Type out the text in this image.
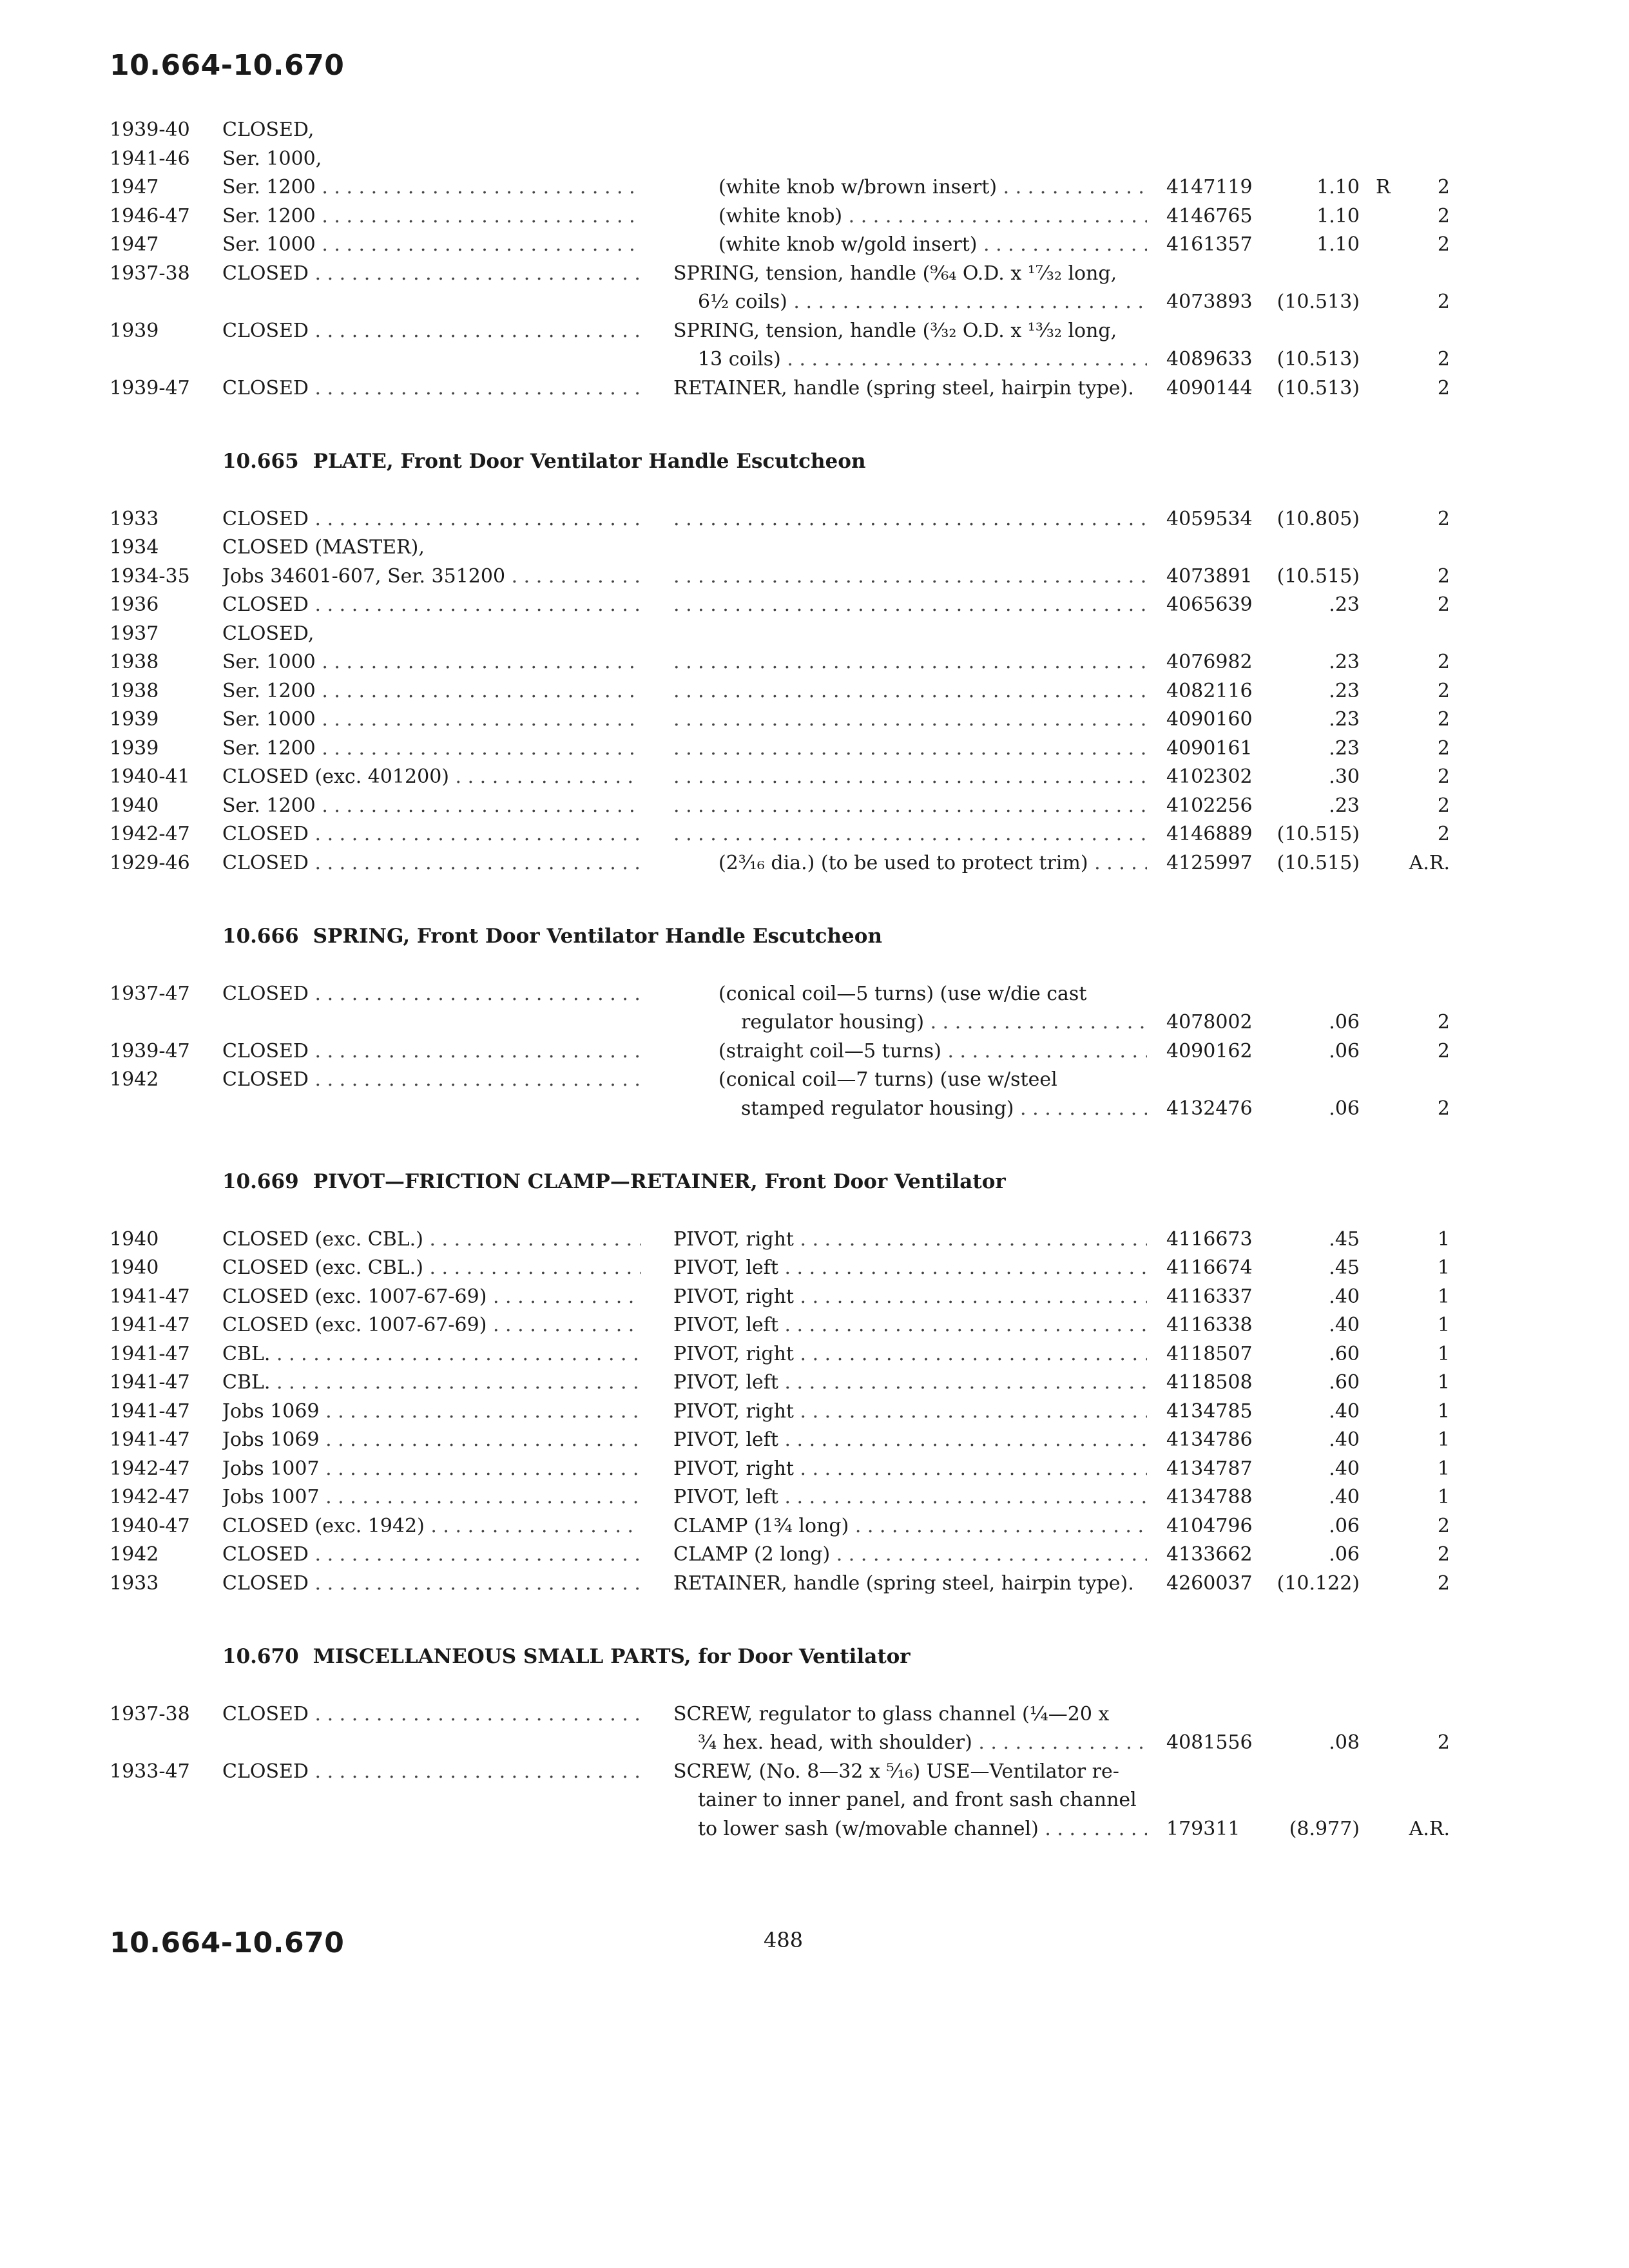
10.664-10.670
1939-40	CLOSED,
1941-46	Ser. 1000,
1947	Ser. 1200 . . .	(white knob w/brown insert) . . .	4147119	1.10 R	2
1946-47	Ser. 1200 . . .	(white knob) . . .	4146765	1.10	2
1947	Ser. 1000 . . .	(white knob w/gold insert) . . .	4161357	1.10	2
1937-38	CLOSED . . .	SPRING, tension, handle (⁹⁄₆₄ O.D. x ¹⁷⁄₃₂ long,
6½ coils) . . .	4073893	(10.513)	2
1939	CLOSED . . .	SPRING, tension, handle (³⁄₃₂ O.D. x ¹³⁄₃₂ long,
13 coils) . . .	4089633	(10.513)	2
1939-47	CLOSED . . .	RETAINER, handle (spring steel, hairpin type).	4090144	(10.513)	2
10.665 PLATE, Front Door Ventilator Handle Escutcheon
1933	CLOSED . . . . . .	4059534	(10.805)	2
1934	CLOSED (MASTER),
1934-35	Jobs 34601-607, Ser. 351200 . . . . . .	4073891	(10.515)	2
1936	CLOSED . . . . . .	4065639	.23	2
1937	CLOSED,
1938	Ser. 1000 . . . . . .	4076982	.23	2
1938	Ser. 1200 . . . . . .	4082116	.23	2
1939	Ser. 1000 . . . . . .	4090160	.23	2
1939	Ser. 1200 . . . . . .	4090161	.23	2
1940-41	CLOSED (exc. 401200) . . . . . .	4102302	.30	2
1940	Ser. 1200 . . . . . .	4102256	.23	2
1942-47	CLOSED . . . . . .	4146889	(10.515)	2
1929-46	CLOSED . . .	(2³⁄₁₆ dia.) (to be used to protect trim) . . .	4125997	(10.515)	A.R.
10.666 SPRING, Front Door Ventilator Handle Escutcheon
1937-47	CLOSED . . .	(conical coil—5 turns) (use w/die cast
regulator housing) . . .	4078002	.06	2
1939-47	CLOSED . . .	(straight coil—5 turns) . . .	4090162	.06	2
1942	CLOSED . . .	(conical coil—7 turns) (use w/steel
stamped regulator housing) . . .	4132476	.06	2
10.669 PIVOT—FRICTION CLAMP—RETAINER, Front Door Ventilator
1940	CLOSED (exc. CBL.) . . .	PIVOT, right . . .	4116673	.45	1
1940	CLOSED (exc. CBL.) . . .	PIVOT, left . . .	4116674	.45	1
1941-47	CLOSED (exc. 1007-67-69) . . .	PIVOT, right . . .	4116337	.40	1
1941-47	CLOSED (exc. 1007-67-69) . . .	PIVOT, left . . .	4116338	.40	1
1941-47	CBL. . . .	PIVOT, right . . .	4118507	.60	1
1941-47	CBL. . . .	PIVOT, left . . .	4118508	.60	1
1941-47	Jobs 1069 . . .	PIVOT, right . . .	4134785	.40	1
1941-47	Jobs 1069 . . .	PIVOT, left . . .	4134786	.40	1
1942-47	Jobs 1007 . . .	PIVOT, right . . .	4134787	.40	1
1942-47	Jobs 1007 . . .	PIVOT, left . . .	4134788	.40	1
1940-47	CLOSED (exc. 1942) . . .	CLAMP (1¾ long) . . .	4104796	.06	2
1942	CLOSED . . .	CLAMP (2 long) . . .	4133662	.06	2
1933	CLOSED . . .	RETAINER, handle (spring steel, hairpin type).	4260037	(10.122)	2
10.670 MISCELLANEOUS SMALL PARTS, for Door Ventilator
1937-38	CLOSED . . .	SCREW, regulator to glass channel (¼—20 x
¾ hex. head, with shoulder) . . .	4081556	.08	2
1933-47	CLOSED . . .	SCREW, (No. 8—32 x ⁵⁄₁₆) USE—Ventilator re-
tainer to inner panel, and front sash channel
to lower sash (w/movable channel) . . .	179311	(8.977)	A.R.
10.664-10.670	488
